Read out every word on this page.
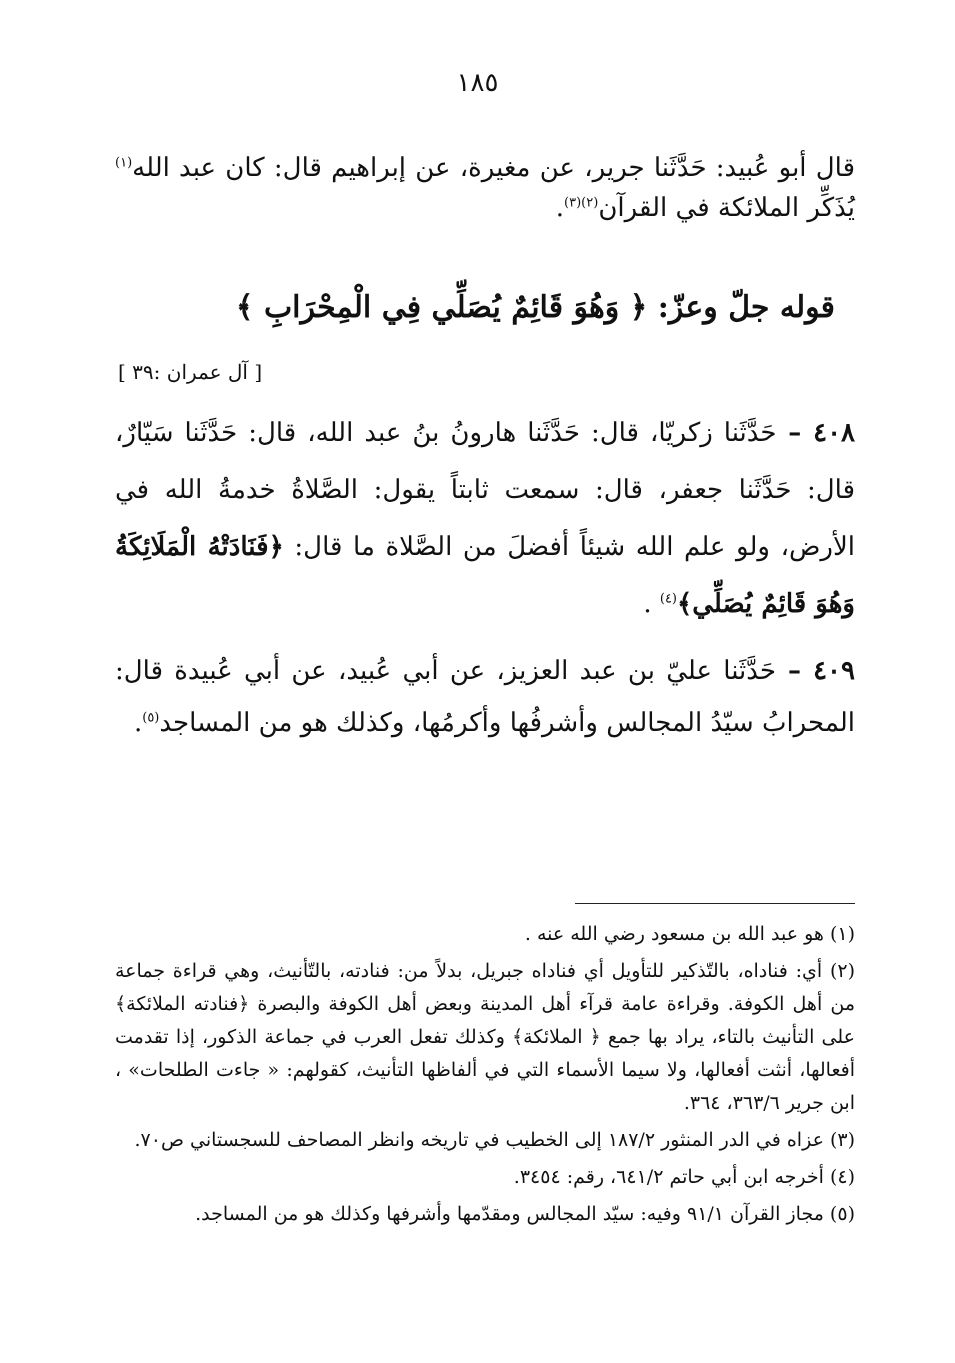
١٨٥
قال أبو عُبيد: حَدَّثَنا جرير، عن مغيرة، عن إبراهيم قال: كان عبد الله$^{(١)}$ يُذَكِّر الملائكة في القرآن$^{(٢)(٣)}$.
قوله جلّ وعزّ: ﴿ وَهُوَ قَائِمٌ يُصَلِّي فِي الْمِحْرَابِ ﴾
[ آل عمران :٣٩ ]
٤٠٨ – حَدَّثَنا زكريّا، قال: حَدَّثَنا هارونُ بنُ عبد الله، قال: حَدَّثَنا سَيّارٌ، قال: حَدَّثَنا جعفر، قال: سمعت ثابتاً يقول: الصَّلاةُ خدمةُ الله في الأرض، ولو علم الله شيئاً أفضلَ من الصَّلاة ما قال: ﴿فَنَادَتْهُ الْمَلَائِكَةُ وَهُوَ قَائِمٌ يُصَلِّي﴾$^{(٤)}$ .
٤٠٩ – حَدَّثَنا عليّ بن عبد العزيز، عن أبي عُبيد، عن أبي عُبيدة قال: المحرابُ سيّدُ المجالس وأشرفُها وأكرمُها، وكذلك هو من المساجد$^{(٥)}$.

(١) هو عبد الله بن مسعود رضي الله عنه .

(٢) أي: فناداه، بالتّذكير للتأويل أي فناداه جبريل، بدلاً من: فنادته، بالتّأنيث، وهي قراءة جماعة من أهل الكوفة. وقراءة عامة قرآء أهل المدينة وبعض أهل الكوفة والبصرة ﴿فنادته الملائكة﴾ على التأنيث بالتاء، يراد بها جمع ﴿ الملائكة﴾ وكذلك تفعل العرب في جماعة الذكور، إذا تقدمت أفعالها، أنثت أفعالها، ولا سيما الأسماء التي في ألفاظها التأنيث، كقولهم: « جاءت الطلحات» ، ابن جرير ٣٦٣/٦، ٣٦٤.

(٣) عزاه في الدر المنثور ١٨٧/٢ إلى الخطيب في تاريخه وانظر المصاحف للسجستاني ص٧٠.

(٤) أخرجه ابن أبي حاتم ٦٤١/٢، رقم: ٣٤٥٤.

(٥) مجاز القرآن ٩١/١ وفيه: سيّد المجالس ومقدّمها وأشرفها وكذلك هو من المساجد.
